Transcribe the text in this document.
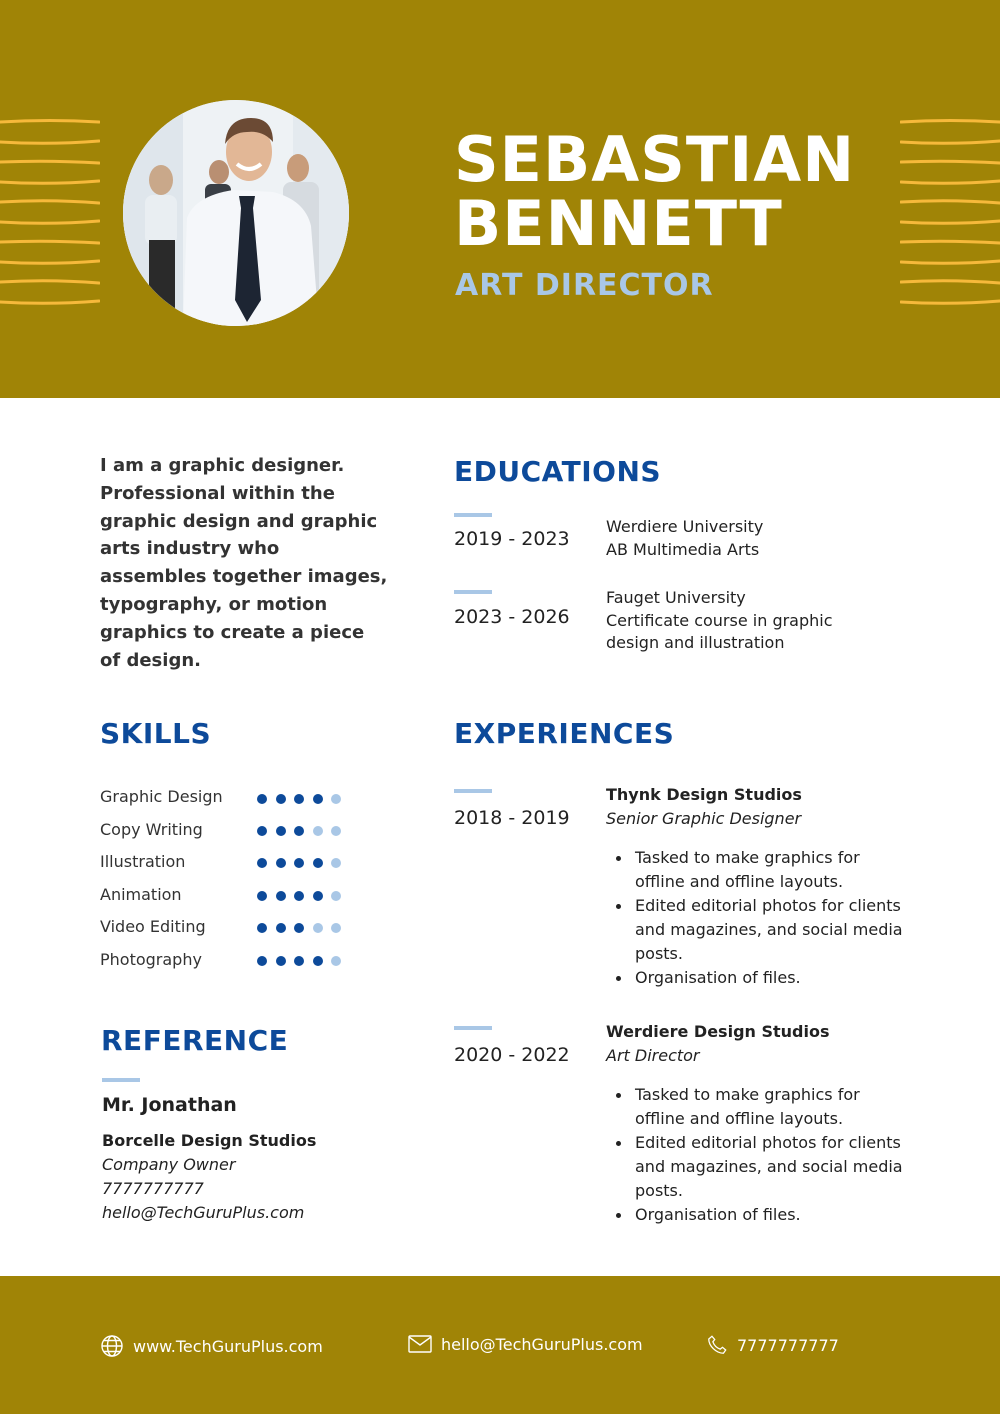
SEBASTIAN
BENNETT
ART DIRECTOR

I am a graphic designer. Professional within the graphic design and graphic arts industry who assembles together images, typography, or motion graphics to create a piece of design.

EDUCATIONS
2019 - 2023
Werdiere University
AB Multimedia Arts
2023 - 2026
Fauget University
Certificate course in graphic
design and illustration
SKILLS
Graphic Design
Copy Writing
Illustration
Animation
Video Editing
Photography
REFERENCE
Mr. Jonathan
Borcelle Design Studios
Company Owner
7777777777
hello@TechGuruPlus.com
EXPERIENCES
2018 - 2019
Thynk Design Studios
Senior Graphic Designer
Tasked to make graphics for offline and offline layouts.
Edited editorial photos for clients and magazines, and social media posts.
Organisation of files.
2020 - 2022
Werdiere Design Studios
Art Director
Tasked to make graphics for offline and offline layouts.
Edited editorial photos for clients and magazines, and social media posts.
Organisation of files.
www.TechGuruPlus.com	hello@TechGuruPlus.com	7777777777
